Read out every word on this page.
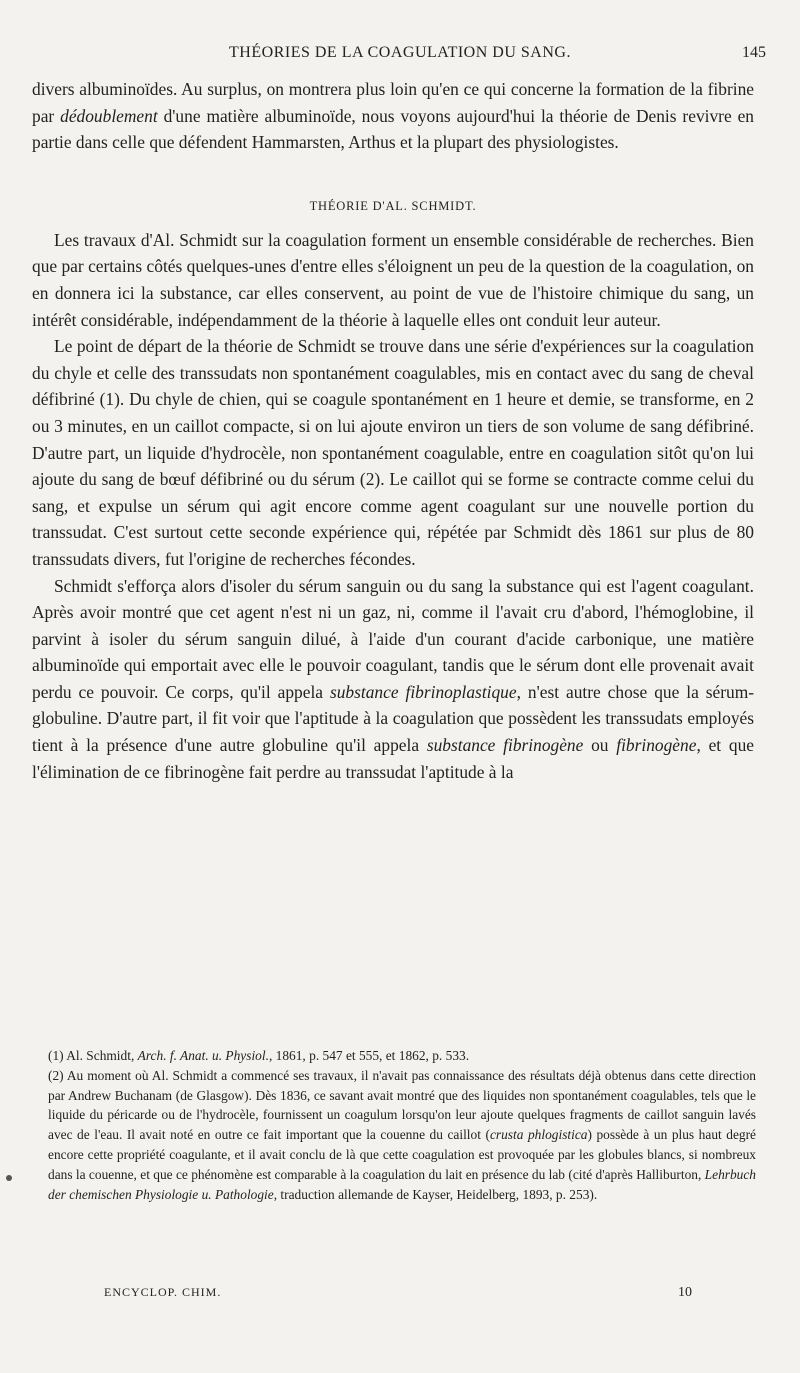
THÉORIES DE LA COAGULATION DU SANG.	145

divers albuminoïdes. Au surplus, on montrera plus loin qu'en ce qui concerne la formation de la fibrine par dédoublement d'une matière albuminoïde, nous voyons aujourd'hui la théorie de Denis revivre en partie dans celle que défendent Hammarsten, Arthus et la plupart des physiologistes.

THÉORIE D'AL. SCHMIDT.

Les travaux d'Al. Schmidt sur la coagulation forment un ensemble considérable de recherches. Bien que par certains côtés quelques-unes d'entre elles s'éloignent un peu de la question de la coagulation, on en donnera ici la substance, car elles conservent, au point de vue de l'histoire chimique du sang, un intérêt considérable, indépendamment de la théorie à laquelle elles ont conduit leur auteur.

Le point de départ de la théorie de Schmidt se trouve dans une série d'expériences sur la coagulation du chyle et celle des transsudats non spontanément coagulables, mis en contact avec du sang de cheval défibriné (1). Du chyle de chien, qui se coagule spontanément en 1 heure et demie, se transforme, en 2 ou 3 minutes, en un caillot compacte, si on lui ajoute environ un tiers de son volume de sang défibriné. D'autre part, un liquide d'hydrocèle, non spontanément coagulable, entre en coagulation sitôt qu'on lui ajoute du sang de bœuf défibriné ou du sérum (2). Le caillot qui se forme se contracte comme celui du sang, et expulse un sérum qui agit encore comme agent coagulant sur une nouvelle portion du transsudat. C'est surtout cette seconde expérience qui, répétée par Schmidt dès 1861 sur plus de 80 transsudats divers, fut l'origine de recherches fécondes.

Schmidt s'efforça alors d'isoler du sérum sanguin ou du sang la substance qui est l'agent coagulant. Après avoir montré que cet agent n'est ni un gaz, ni, comme il l'avait cru d'abord, l'hémoglobine, il parvint à isoler du sérum sanguin dilué, à l'aide d'un courant d'acide carbonique, une matière albuminoïde qui emportait avec elle le pouvoir coagulant, tandis que le sérum dont elle provenait avait perdu ce pouvoir. Ce corps, qu'il appela substance fibrinoplastique, n'est autre chose que la sérum-globuline. D'autre part, il fit voir que l'aptitude à la coagulation que possèdent les transsudats employés tient à la présence d'une autre globuline qu'il appela substance fibrinogène ou fibrinogène, et que l'élimination de ce fibrinogène fait perdre au transsudat l'aptitude à la

(1) Al. Schmidt, Arch. f. Anat. u. Physiol., 1861, p. 547 et 555, et 1862, p. 533.

(2) Au moment où Al. Schmidt a commencé ses travaux, il n'avait pas connaissance des résultats déjà obtenus dans cette direction par Andrew Buchanam (de Glasgow). Dès 1836, ce savant avait montré que des liquides non spontanément coagulables, tels que le liquide du péricarde ou de l'hydrocèle, fournissent un coagulum lorsqu'on leur ajoute quelques fragments de caillot sanguin lavés avec de l'eau. Il avait noté en outre ce fait important que la couenne du caillot (crusta phlogistica) possède à un plus haut degré encore cette propriété coagulante, et il avait conclu de là que cette coagulation est provoquée par les globules blancs, si nombreux dans la couenne, et que ce phénomène est comparable à la coagulation du lait en présence du lab (cité d'après Halliburton, Lehrbuch der chemischen Physiologie u. Pathologie, traduction allemande de Kayser, Heidelberg, 1893, p. 253).

ENCYCLOP. CHIM.	10
